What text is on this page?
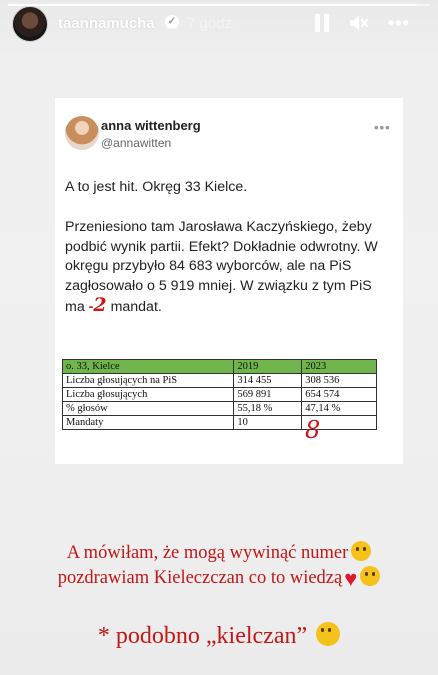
taannamucha ✓ 7 godz.	•••
anna wittenberg
@annawitten
•••
A to jest hit. Okręg 33 Kielce.
Przeniesiono tam Jarosława Kaczyńskiego, żeby podbić wynik partii. Efekt? Dokładnie odwrotny. W okręgu przybyło 84 683 wyborców, ale na PiS zagłosowało o 5 919 mniej. W związku z tym PiS ma -2 mandat.
o. 33, Kielce	2019	2023
Liczba głosujących na PiS	314 455	308 536
Liczba głosujących	569 891	654 574
% głosów	55,18 %	47,14 %
Mandaty	10	8
A mówiłam, że mogą wywinąć numer
pozdrawiam Kieleczczan co to wiedzą♥
* podobno „kielczan”
